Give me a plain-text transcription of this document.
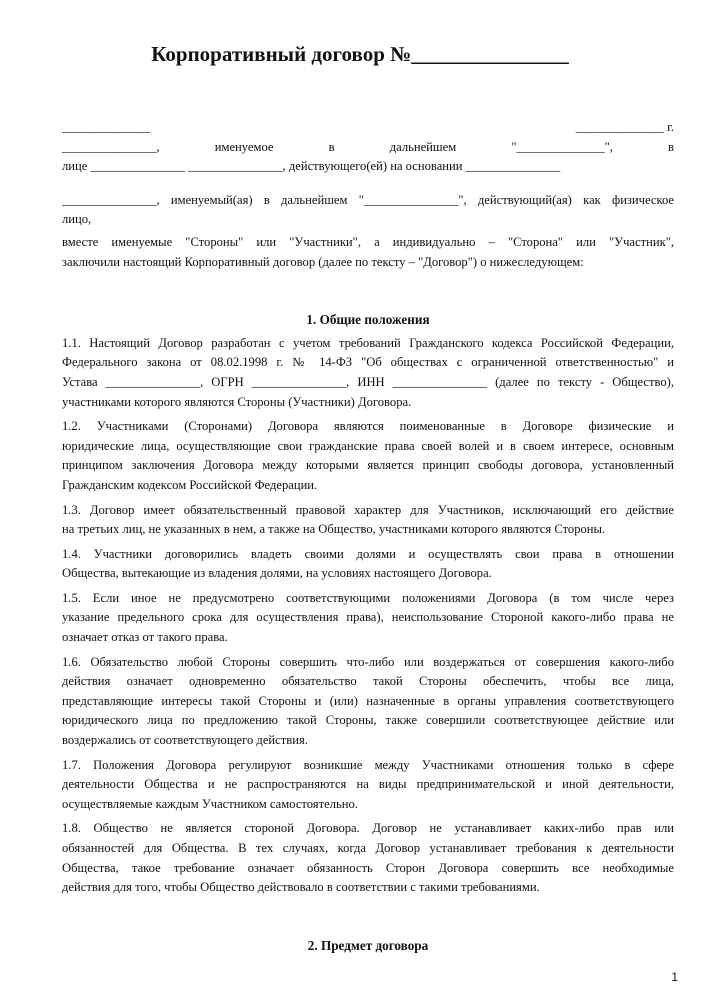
Корпоративный договор №_______________
______________	______________ г.
_______________,	именуемое	в	дальнейшем	"______________",	в

лице _______________ _______________, действующего(ей) на основании _______________

_______________, именуемый(ая) в дальнейшем "_______________", действующий(ая) как физическое

лицо,

вместе именуемые "Стороны" или "Участники", а индивидуально – "Сторона" или "Участник",

заключили настоящий Корпоративный договор (далее по тексту – "Договор") о нижеследующем:

1. Общие положения

1.1. Настоящий Договор разработан с учетом требований Гражданского кодекса Российской Федерации,

Федерального закона от 08.02.1998 г. № 14-ФЗ "Об обществах с ограниченной ответственностью" и

Устава _______________, ОГРН _______________, ИНН _______________ (далее по тексту - Общество),

участниками которого являются Стороны (Участники) Договора.

1.2. Участниками (Сторонами) Договора являются поименованные в Договоре физические и

юридические лица, осуществляющие свои гражданские права своей волей и в своем интересе, основным

принципом заключения Договора между которыми является принцип свободы договора, установленный

Гражданским кодексом Российской Федерации.

1.3. Договор имеет обязательственный правовой характер для Участников, исключающий его действие

на третьих лиц, не указанных в нем, а также на Общество, участниками которого являются Стороны.

1.4. Участники договорились владеть своими долями и осуществлять свои права в отношении

Общества, вытекающие из владения долями, на условиях настоящего Договора.

1.5. Если иное не предусмотрено соответствующими положениями Договора (в том числе через

указание предельного срока для осуществления права), неиспользование Стороной какого-либо права не

означает отказ от такого права.

1.6. Обязательство любой Стороны совершить что-либо или воздержаться от совершения какого-либо

действия означает одновременно обязательство такой Стороны обеспечить, чтобы все лица,

представляющие интересы такой Стороны и (или) назначенные в органы управления соответствующего

юридического лица по предложению такой Стороны, также совершили соответствующее действие или

воздержались от соответствующего действия.

1.7. Положения Договора регулируют возникшие между Участниками отношения только в сфере

деятельности Общества и не распространяются на виды предпринимательской и иной деятельности,

осуществляемые каждым Участником самостоятельно.

1.8. Общество не является стороной Договора. Договор не устанавливает каких-либо прав или

обязанностей для Общества. В тех случаях, когда Договор устанавливает требования к деятельности

Общества, такое требование означает обязанность Сторон Договора совершить все необходимые

действия для того, чтобы Общество действовало в соответствии с такими требованиями.

2. Предмет договора
1
